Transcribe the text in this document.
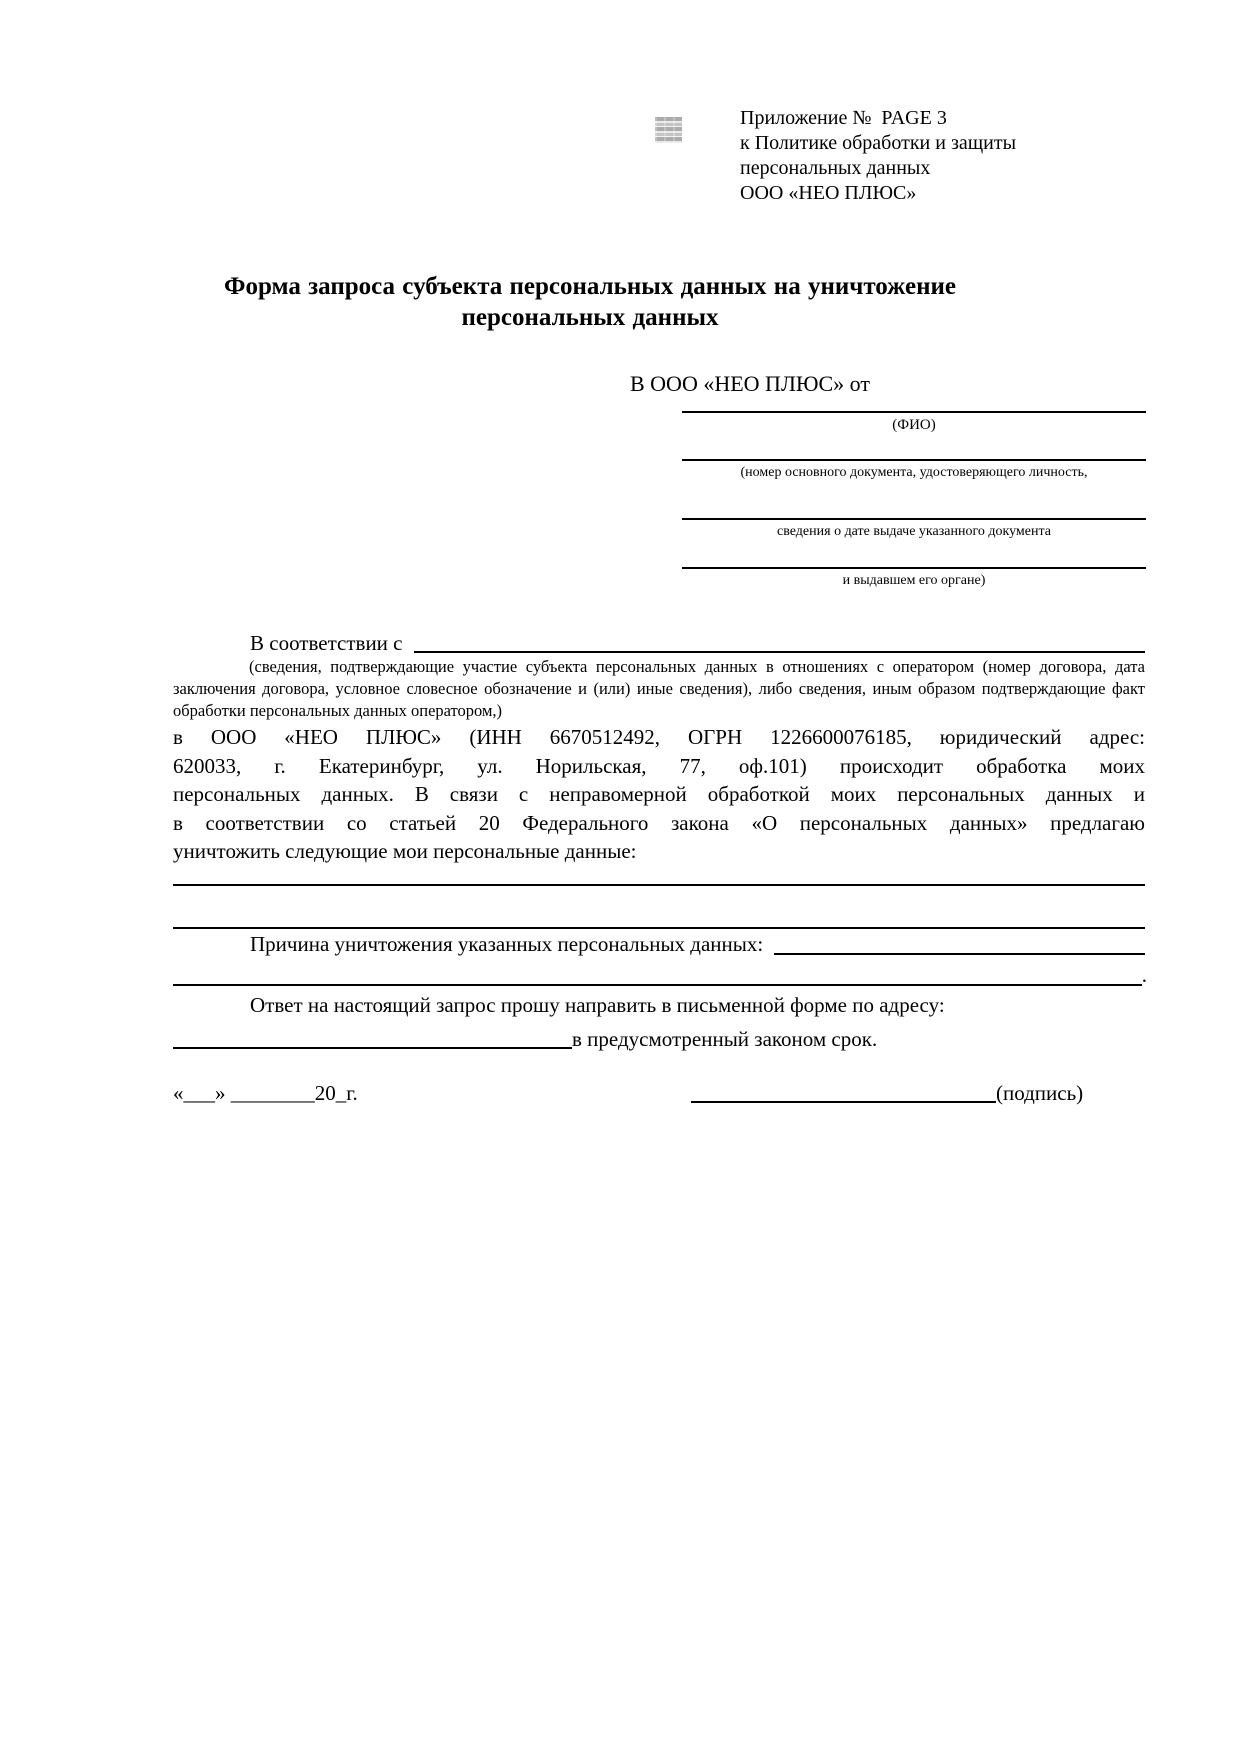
Приложение №  PAGE 3
к Политике обработки и защиты
персональных данных
ООО «НЕО ПЛЮС»
Форма запроса субъекта персональных данных на уничтожение
персональных данных
В ООО «НЕО ПЛЮС» от
(ФИО)
(номер основного документа, удостоверяющего личность,
сведения о дате выдаче указанного документа
и выдавшем его органе)
В соответствии с
(сведения, подтверждающие участие субъекта персональных данных в отношениях с оператором (номер договора, дата
заключения договора, условное словесное обозначение и (или) иные сведения), либо сведения, иным образом подтверждающие факт
обработки персональных данных оператором,)
в ООО «НЕО ПЛЮС» (ИНН 6670512492, ОГРН 1226600076185, юридический адрес:
620033, г. Екатеринбург, ул. Норильская, 77, оф.101) происходит обработка моих
персональных данных. В связи с неправомерной обработкой моих персональных данных и
в соответствии со статьей 20 Федерального закона «О персональных данных» предлагаю
уничтожить следующие мои персональные данные:
Причина уничтожения указанных персональных данных:
.
Ответ на настоящий запрос прошу направить в письменной форме по адресу:
в предусмотренный законом срок.
«___» ________20_г.	(подпись)
